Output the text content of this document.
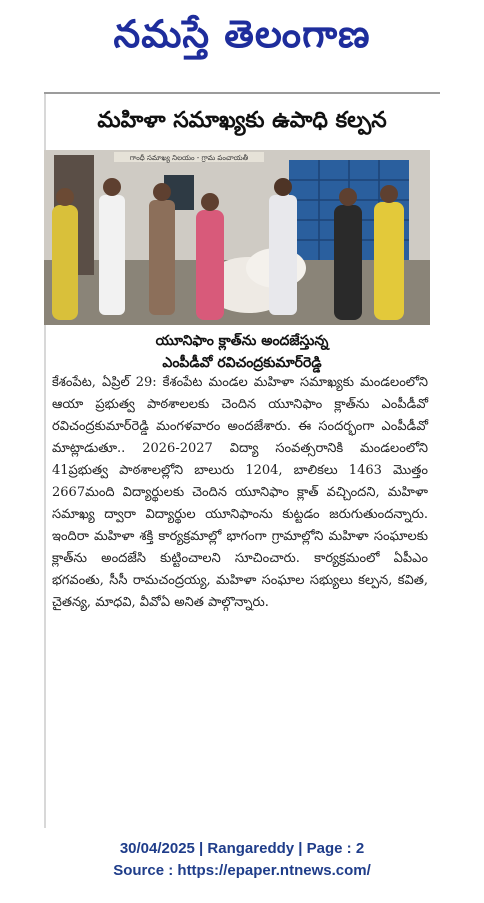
నమస్తే తెలంగాణ
మహిళా సమాఖ్యకు ఉపాధి కల్పన
గాంధీ సమాఖ్య నిలయం - గ్రామ పంచాయతీ
యూనిఫాం క్లాత్‌ను అందజేస్తున్న
ఎంపీడీవో రవిచంద్రకుమార్‌రెడ్డి

కేశంపేట, ఏప్రిల్ 29: కేశంపేట మండల మహిళా సమాఖ్యకు మండలంలోని ఆయా ప్రభుత్వ పాఠశాలలకు చెందిన యూనిఫాం క్లాత్‌ను ఎంపీడీవో రవిచంద్రకుమార్‌రెడ్డి మంగళవారం అందజేశారు. ఈ సందర్భంగా ఎంపీడీవో మాట్లాడుతూ.. 2026-2027 విద్యా సంవత్సరానికి మండలంలోని 41ప్రభుత్వ పాఠశాలల్లోని బాలురు 1204, బాలికలు 1463 మొత్తం 2667మంది విద్యార్థులకు చెందిన యూనిఫాం క్లాత్ వచ్చిందని, మహిళా సమాఖ్య ద్వారా విద్యార్థుల యూనిఫాంను కుట్టడం జరుగుతుందన్నారు. ఇందిరా మహిళా శక్తి కార్యక్రమాల్లో భాగంగా గ్రామాల్లోని మహిళా సంఘాలకు క్లాత్‌ను అందజేసి కుట్టించాలని సూచించారు. కార్యక్రమంలో ఏపీఎం భగవంతు, సీసీ రామచంద్రయ్య, మహిళా సంఘాల సభ్యులు కల్పన, కవిత, చైతన్య, మాధవి, వీవోఏ అనిత పాల్గొన్నారు.

30/04/2025 | Rangareddy | Page : 2
Source : https://epaper.ntnews.com/
